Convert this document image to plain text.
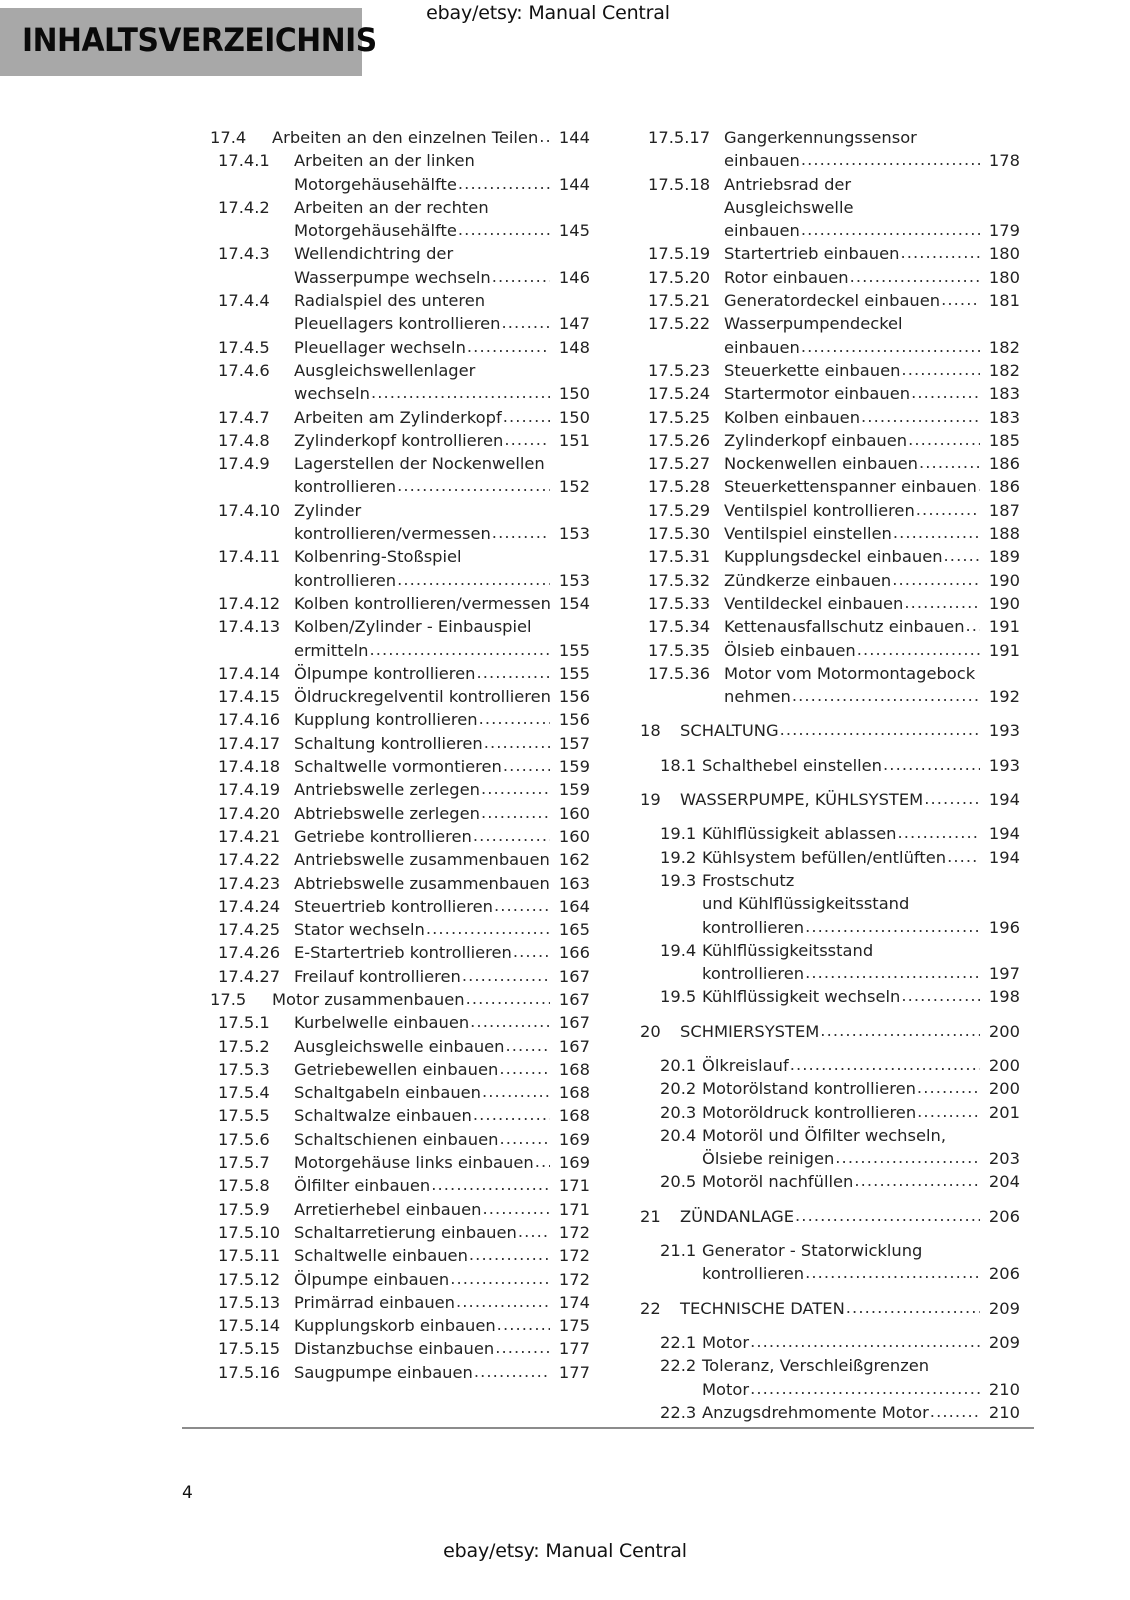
ebay/etsy: Manual Central
INHALTSVERZEICHNIS
17.4	Arbeiten an den einzelnen Teilen .....	144
17.4.1	Arbeiten an der linken
Motorgehäusehälfte .....	144
17.4.2	Arbeiten an der rechten
Motorgehäusehälfte .....	145
17.4.3	Wellendichtring der
Wasserpumpe wechseln .....	146
17.4.4	Radialspiel des unteren
Pleuellagers kontrollieren .....	147
17.4.5	Pleuellager wechseln .....	148
17.4.6	Ausgleichswellenlager
wechseln .....	150
17.4.7	Arbeiten am Zylinderkopf .....	150
17.4.8	Zylinderkopf kontrollieren .....	151
17.4.9	Lagerstellen der Nockenwellen
kontrollieren .....	152
17.4.10 Zylinder
kontrollieren/vermessen .....	153
17.4.11 Kolbenring-Stoßspiel
kontrollieren .....	153
17.4.12 Kolben kontrollieren/vermessen ..... 154
17.4.13 Kolben/Zylinder - Einbauspiel
ermitteln .....	155
17.4.14 Ölpumpe kontrollieren .....	155
17.4.15 Öldruckregelventil kontrollieren ..... 156
17.4.16 Kupplung kontrollieren .....	156
17.4.17 Schaltung kontrollieren .....	157
17.4.18 Schaltwelle vormontieren .....	159
17.4.19 Antriebswelle zerlegen .....	159
17.4.20 Abtriebswelle zerlegen .....	160
17.4.21 Getriebe kontrollieren .....	160
17.4.22 Antriebswelle zusammenbauen ..... 162
17.4.23 Abtriebswelle zusammenbauen ..... 163
17.4.24 Steuertrieb kontrollieren .....	164
17.4.25 Stator wechseln .....	165
17.4.26 E-Startertrieb kontrollieren .....	166
17.4.27 Freilauf kontrollieren .....	167
17.5	Motor zusammenbauen .....	167
17.5.1	Kurbelwelle einbauen .....	167
17.5.2	Ausgleichswelle einbauen .....	167
17.5.3	Getriebewellen einbauen .....	168
17.5.4	Schaltgabeln einbauen .....	168
17.5.5	Schaltwalze einbauen .....	168
17.5.6	Schaltschienen einbauen .....	169
17.5.7	Motorgehäuse links einbauen .....	169
17.5.8	Ölfilter einbauen .....	171
17.5.9	Arretierhebel einbauen .....	171
17.5.10 Schaltarretierung einbauen .....	172
17.5.11 Schaltwelle einbauen .....	172
17.5.12 Ölpumpe einbauen .....	172
17.5.13 Primärrad einbauen .....	174
17.5.14 Kupplungskorb einbauen .....	175
17.5.15 Distanzbuchse einbauen .....	177
17.5.16 Saugpumpe einbauen .....	177
17.5.17 Gangerkennungssensor
einbauen .....	178
17.5.18 Antriebsrad der Ausgleichswelle
einbauen .....	179
17.5.19 Startertrieb einbauen .....	180
17.5.20 Rotor einbauen .....	180
17.5.21 Generatordeckel einbauen .....	181
17.5.22 Wasserpumpendeckel
einbauen .....	182
17.5.23 Steuerkette einbauen .....	182
17.5.24 Startermotor einbauen .....	183
17.5.25 Kolben einbauen .....	183
17.5.26 Zylinderkopf einbauen .....	185
17.5.27 Nockenwellen einbauen .....	186
17.5.28 Steuerkettenspanner einbauen ..... 186
17.5.29 Ventilspiel kontrollieren .....	187
17.5.30 Ventilspiel einstellen .....	188
17.5.31 Kupplungsdeckel einbauen .....	189
17.5.32 Zündkerze einbauen .....	190
17.5.33 Ventildeckel einbauen .....	190
17.5.34 Kettenausfallschutz einbauen .....	191
17.5.35 Ölsieb einbauen .....	191
17.5.36 Motor vom Motormontagebock
nehmen .....	192
18	SCHALTUNG .....	193
18.1 Schalthebel einstellen .....	193
19	WASSERPUMPE, KÜHLSYSTEM .....	194
19.1 Kühlflüssigkeit ablassen .....	194
19.2 Kühlsystem befüllen/entlüften .....	194
19.3 Frostschutz
und Kühlflüssigkeitsstand
kontrollieren .....	196
19.4 Kühlflüssigkeitsstand
kontrollieren .....	197
19.5 Kühlflüssigkeit wechseln .....	198
20	SCHMIERSYSTEM .....	200
20.1 Ölkreislauf .....	200
20.2 Motorölstand kontrollieren .....	200
20.3 Motoröldruck kontrollieren .....	201
20.4 Motoröl und Ölfilter wechseln,
Ölsiebe reinigen .....	203
20.5 Motoröl nachfüllen .....	204
21	ZÜNDANLAGE .....	206
21.1 Generator - Statorwicklung
kontrollieren .....	206
22	TECHNISCHE DATEN .....	209
22.1 Motor .....	209
22.2 Toleranz, Verschleißgrenzen
Motor .....	210
22.3 Anzugsdrehmomente Motor .....	210
4
ebay/etsy: Manual Central
